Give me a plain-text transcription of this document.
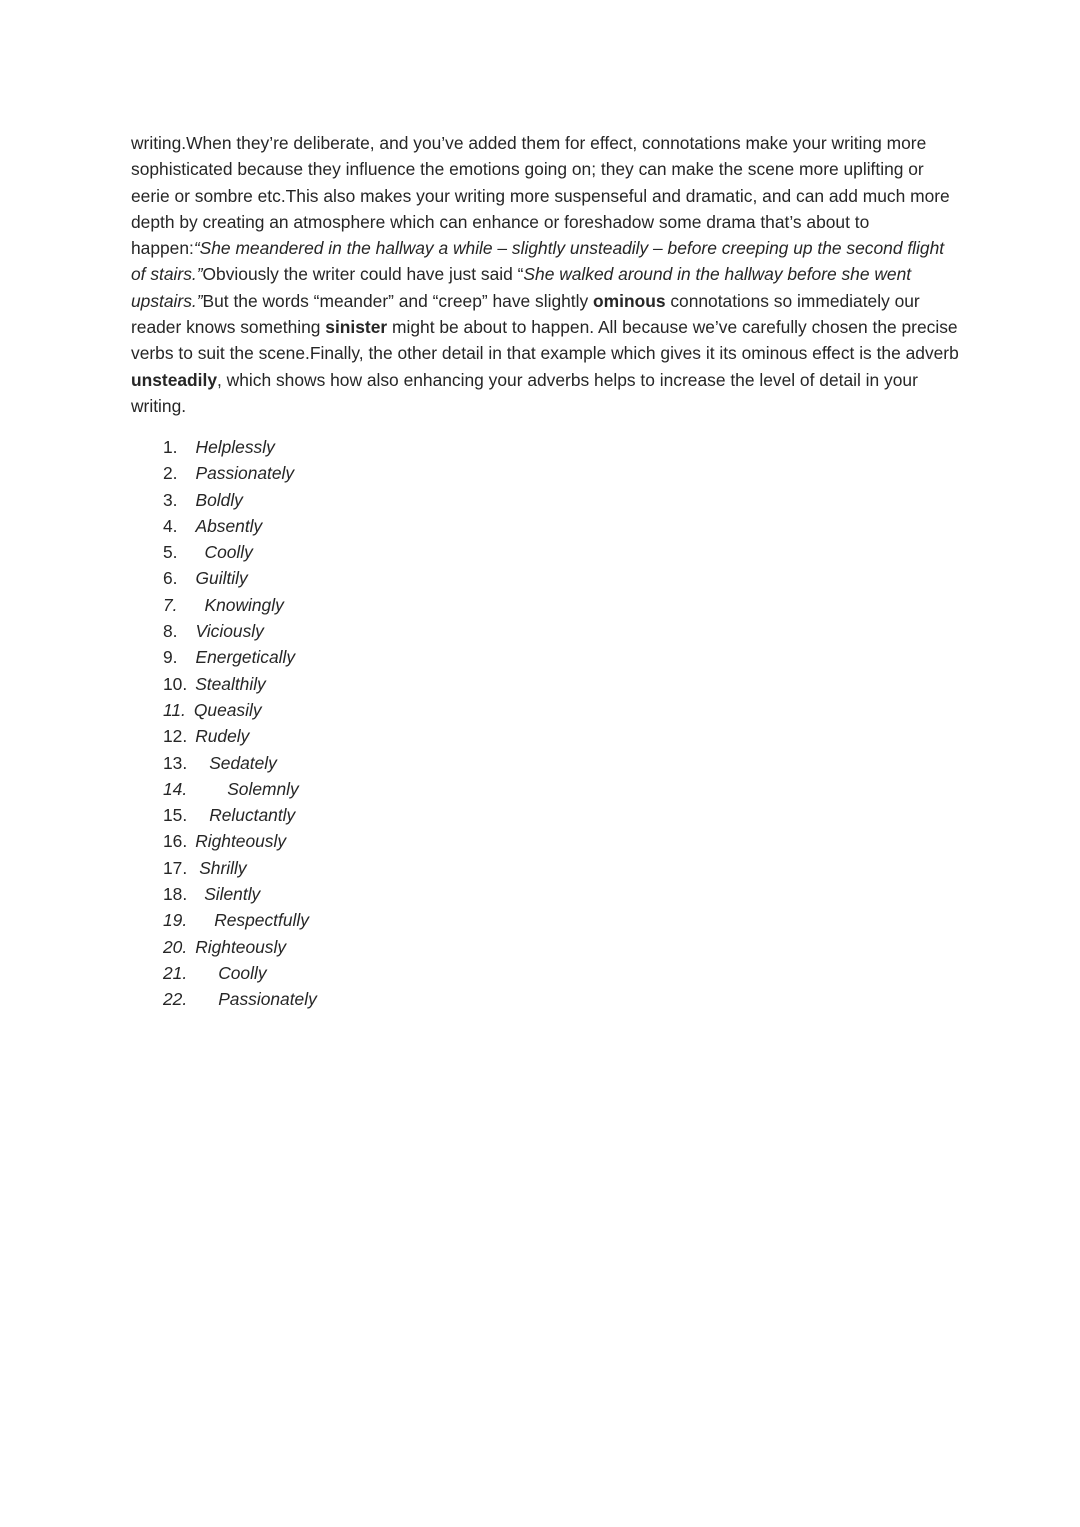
writing.When they’re deliberate, and you’ve added them for effect, connotations make your writing more sophisticated because they influence the emotions going on; they can make the scene more uplifting or eerie or sombre etc.This also makes your writing more suspenseful and dramatic, and can add much more depth by creating an atmosphere which can enhance or foreshadow some drama that’s about to happen:“She meandered in the hallway a while – slightly unsteadily – before creeping up the second flight of stairs.”Obviously the writer could have just said “She walked around in the hallway before she went upstairs.”But the words “meander” and “creep” have slightly ominous connotations so immediately our reader knows something sinister might be about to happen. All because we’ve carefully chosen the precise verbs to suit the scene.Finally, the other detail in that example which gives it its ominous effect is the adverb unsteadily, which shows how also enhancing your adverbs helps to increase the level of detail in your writing.

1. Helplessly
2. Passionately
3. Boldly
4. Absently
5. Coolly
6. Guiltily
7. Knowingly
8. Viciously
9. Energetically
10. Stealthily
11. Queasily
12. Rudely
13. Sedately
14. Solemnly
15. Reluctantly
16. Righteously
17. Shrilly
18. Silently
19. Respectfully
20. Righteously
21. Coolly
22. Passionately
